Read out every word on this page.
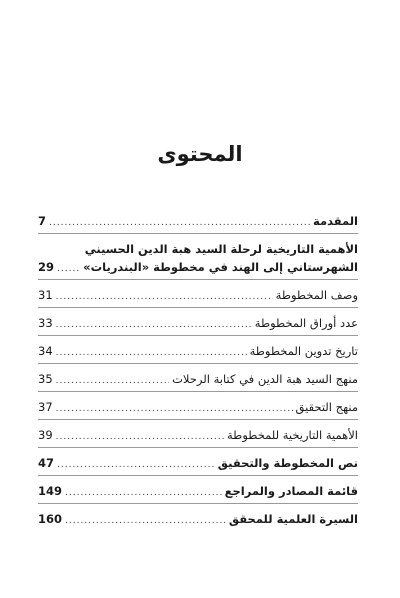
المحتوى
المقدمة
.....
7
الأهمية التاريخية لرحلة السيد هبة الدين الحسيني
الشهرستاني إلى الهند في مخطوطة «البندريات»
.....
29
وصف المخطوطة
.....
31
عدد أوراق المخطوطة
.....
33
تاريخ تدوين المخطوطة
.....
34
منهج السيد هبة الدين في كتابة الرحلات
.....
35
منهج التحقيق
.....
37
الأهمية التاريخية للمخطوطة
.....
39
نص المخطوطة والتحقيق
.....
47
قائمة المصادر والمراجع
.....
149
السيرة العلمية للمحقق
.....
160
